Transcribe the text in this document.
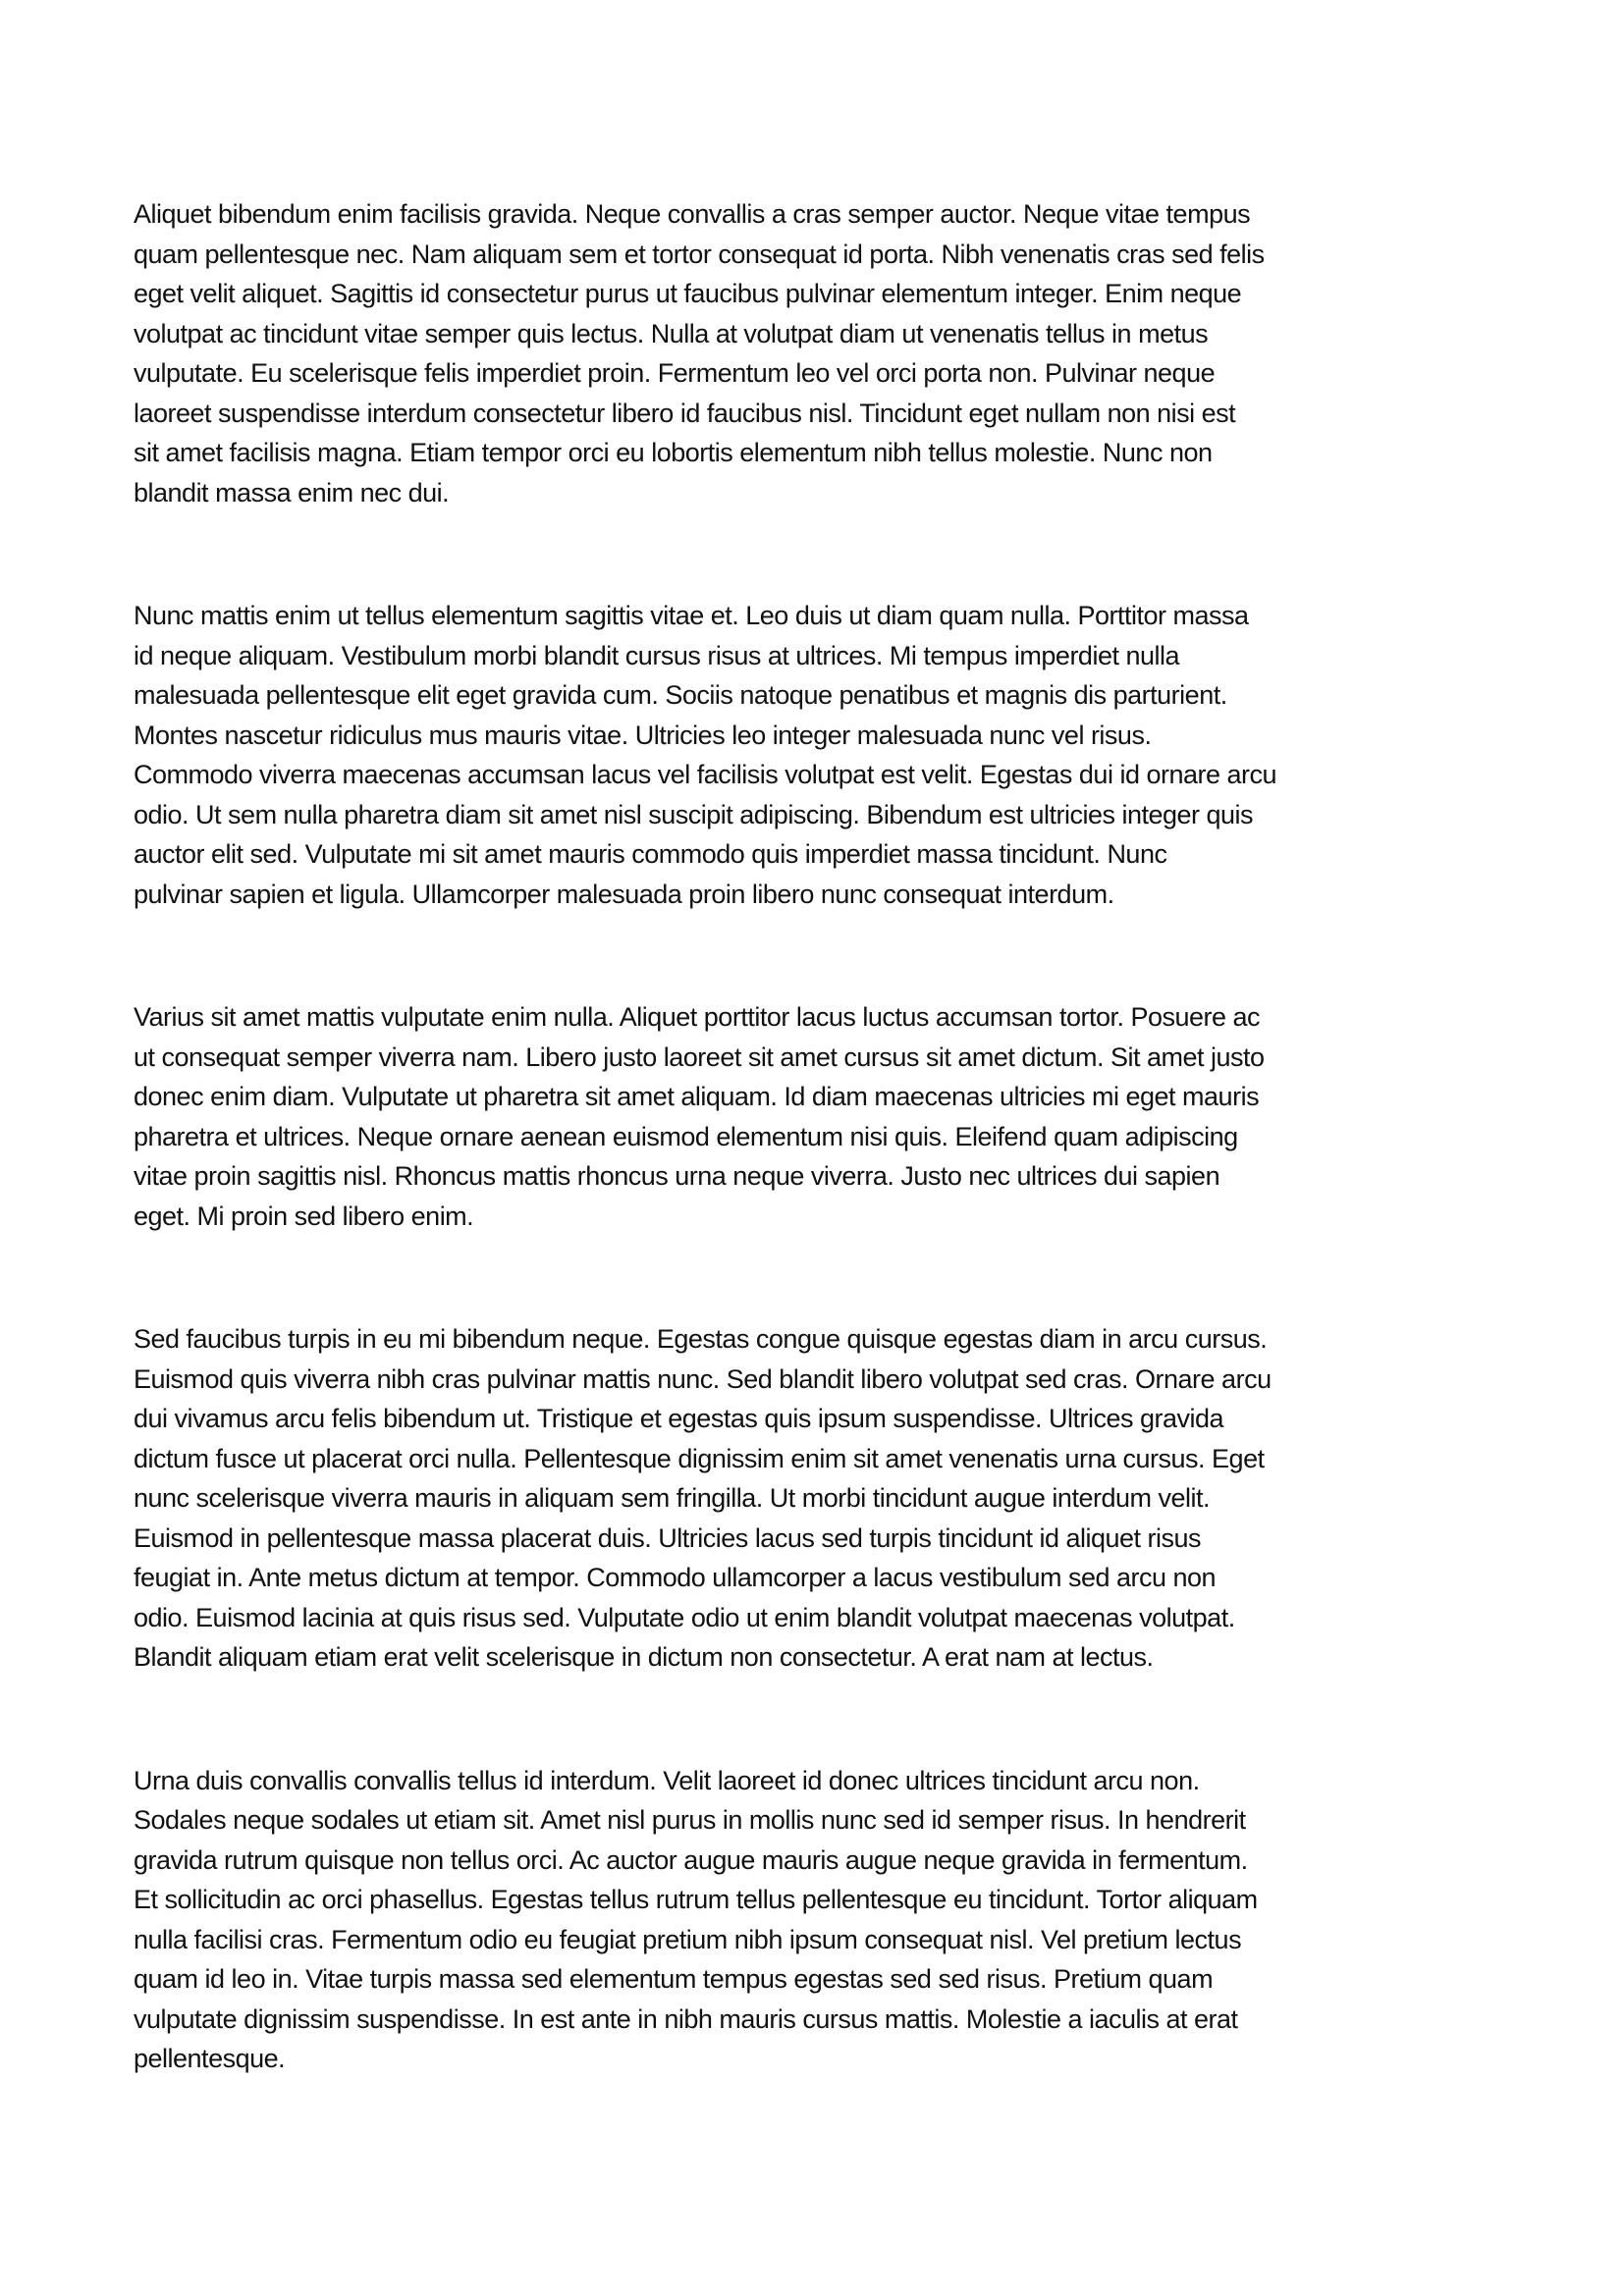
Aliquet bibendum enim facilisis gravida. Neque convallis a cras semper auctor. Neque vitae tempus
quam pellentesque nec. Nam aliquam sem et tortor consequat id porta. Nibh venenatis cras sed felis
eget velit aliquet. Sagittis id consectetur purus ut faucibus pulvinar elementum integer. Enim neque
volutpat ac tincidunt vitae semper quis lectus. Nulla at volutpat diam ut venenatis tellus in metus
vulputate. Eu scelerisque felis imperdiet proin. Fermentum leo vel orci porta non. Pulvinar neque
laoreet suspendisse interdum consectetur libero id faucibus nisl. Tincidunt eget nullam non nisi est
sit amet facilisis magna. Etiam tempor orci eu lobortis elementum nibh tellus molestie. Nunc non
blandit massa enim nec dui.

Nunc mattis enim ut tellus elementum sagittis vitae et. Leo duis ut diam quam nulla. Porttitor massa
id neque aliquam. Vestibulum morbi blandit cursus risus at ultrices. Mi tempus imperdiet nulla
malesuada pellentesque elit eget gravida cum. Sociis natoque penatibus et magnis dis parturient.
Montes nascetur ridiculus mus mauris vitae. Ultricies leo integer malesuada nunc vel risus.
Commodo viverra maecenas accumsan lacus vel facilisis volutpat est velit. Egestas dui id ornare arcu
odio. Ut sem nulla pharetra diam sit amet nisl suscipit adipiscing. Bibendum est ultricies integer quis
auctor elit sed. Vulputate mi sit amet mauris commodo quis imperdiet massa tincidunt. Nunc
pulvinar sapien et ligula. Ullamcorper malesuada proin libero nunc consequat interdum.

Varius sit amet mattis vulputate enim nulla. Aliquet porttitor lacus luctus accumsan tortor. Posuere ac
ut consequat semper viverra nam. Libero justo laoreet sit amet cursus sit amet dictum. Sit amet justo
donec enim diam. Vulputate ut pharetra sit amet aliquam. Id diam maecenas ultricies mi eget mauris
pharetra et ultrices. Neque ornare aenean euismod elementum nisi quis. Eleifend quam adipiscing
vitae proin sagittis nisl. Rhoncus mattis rhoncus urna neque viverra. Justo nec ultrices dui sapien
eget. Mi proin sed libero enim.

Sed faucibus turpis in eu mi bibendum neque. Egestas congue quisque egestas diam in arcu cursus.
Euismod quis viverra nibh cras pulvinar mattis nunc. Sed blandit libero volutpat sed cras. Ornare arcu
dui vivamus arcu felis bibendum ut. Tristique et egestas quis ipsum suspendisse. Ultrices gravida
dictum fusce ut placerat orci nulla. Pellentesque dignissim enim sit amet venenatis urna cursus. Eget
nunc scelerisque viverra mauris in aliquam sem fringilla. Ut morbi tincidunt augue interdum velit.
Euismod in pellentesque massa placerat duis. Ultricies lacus sed turpis tincidunt id aliquet risus
feugiat in. Ante metus dictum at tempor. Commodo ullamcorper a lacus vestibulum sed arcu non
odio. Euismod lacinia at quis risus sed. Vulputate odio ut enim blandit volutpat maecenas volutpat.
Blandit aliquam etiam erat velit scelerisque in dictum non consectetur. A erat nam at lectus.

Urna duis convallis convallis tellus id interdum. Velit laoreet id donec ultrices tincidunt arcu non.
Sodales neque sodales ut etiam sit. Amet nisl purus in mollis nunc sed id semper risus. In hendrerit
gravida rutrum quisque non tellus orci. Ac auctor augue mauris augue neque gravida in fermentum.
Et sollicitudin ac orci phasellus. Egestas tellus rutrum tellus pellentesque eu tincidunt. Tortor aliquam
nulla facilisi cras. Fermentum odio eu feugiat pretium nibh ipsum consequat nisl. Vel pretium lectus
quam id leo in. Vitae turpis massa sed elementum tempus egestas sed sed risus. Pretium quam
vulputate dignissim suspendisse. In est ante in nibh mauris cursus mattis. Molestie a iaculis at erat
pellentesque.
